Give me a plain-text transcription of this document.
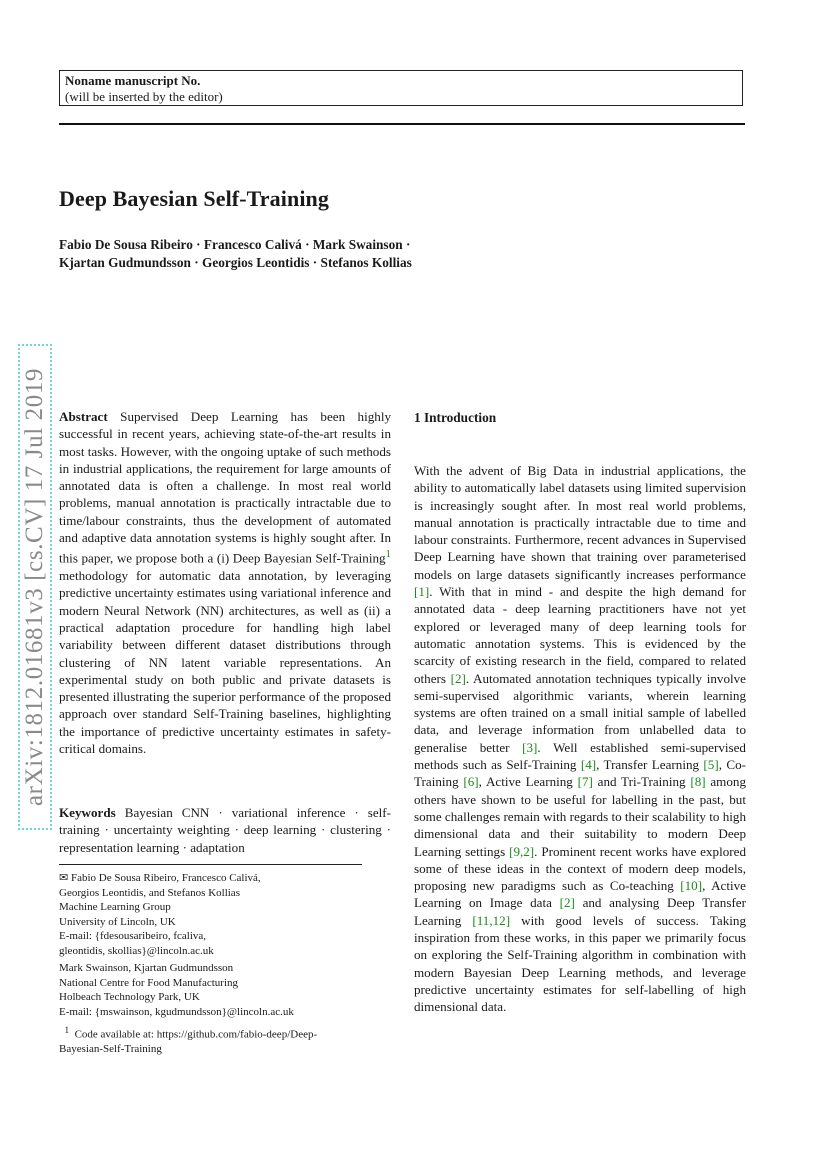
Noname manuscript No.
(will be inserted by the editor)
Deep Bayesian Self-Training
Fabio De Sousa Ribeiro · Francesco Calivá · Mark Swainson ·
Kjartan Gudmundsson · Georgios Leontidis · Stefanos Kollias
arXiv:1812.01681v3 [cs.CV] 17 Jul 2019 Abstract Supervised Deep Learning has been highly successful in recent years, achieving state-of-the-art results in most tasks. However, with the ongoing uptake of such methods in industrial applications, the requirement for large amounts of annotated data is often a challenge. In most real world problems, manual annotation is practically intractable due to time/labour constraints, thus the development of automated and adaptive data annotation systems is highly sought after. In this paper, we propose both a (i) Deep Bayesian Self-Training$^1$ methodology for automatic data annotation, by leveraging predictive uncertainty estimates using variational inference and modern Neural Network (NN) architectures, as well as (ii) a practical adaptation procedure for handling high label variability between different dataset distributions through clustering of NN latent variable representations. An experimental study on both public and private datasets is presented illustrating the superior performance of the proposed approach over standard Self-Training baselines, highlighting the importance of predictive uncertainty estimates in safety-critical domains.

Keywords Bayesian CNN · variational inference · self-training · uncertainty weighting · deep learning · clustering · representation learning · adaptation

✉ Fabio De Sousa Ribeiro, Francesco Calivá,
Georgios Leontidis, and Stefanos Kollias
Machine Learning Group
University of Lincoln, UK
E-mail: {fdesousaribeiro, fcaliva,
gleontidis, skollias}@lincoln.ac.uk
Mark Swainson, Kjartan Gudmundsson
National Centre for Food Manufacturing
Holbeach Technology Park, UK
E-mail: {mswainson, kgudmundsson}@lincoln.ac.uk
$^1$ Code available at: https://github.com/fabio-deep/Deep-
Bayesian-Self-Training
1 Introduction

With the advent of Big Data in industrial applications, the ability to automatically label datasets using limited supervision is increasingly sought after. In most real world problems, manual annotation is practically intractable due to time and labour constraints. Furthermore, recent advances in Supervised Deep Learning have shown that training over parameterised models on large datasets significantly increases performance [1]. With that in mind - and despite the high demand for annotated data - deep learning practitioners have not yet explored or leveraged many of deep learning tools for automatic annotation systems. This is evidenced by the scarcity of existing research in the field, compared to related others [2]. Automated annotation techniques typically involve semi-supervised algorithmic variants, wherein learning systems are often trained on a small initial sample of labelled data, and leverage information from unlabelled data to generalise better [3]. Well established semi-supervised methods such as Self-Training [4], Transfer Learning [5], Co-Training [6], Active Learning [7] and Tri-Training [8] among others have shown to be useful for labelling in the past, but some challenges remain with regards to their scalability to high dimensional data and their suitability to modern Deep Learning settings [9,2]. Prominent recent works have explored some of these ideas in the context of modern deep models, proposing new paradigms such as Co-teaching [10], Active Learning on Image data [2] and analysing Deep Transfer Learning [11,12] with good levels of success. Taking inspiration from these works, in this paper we primarily focus on exploring the Self-Training algorithm in combination with modern Bayesian Deep Learning methods, and leverage predictive uncertainty estimates for self-labelling of high dimensional data.
